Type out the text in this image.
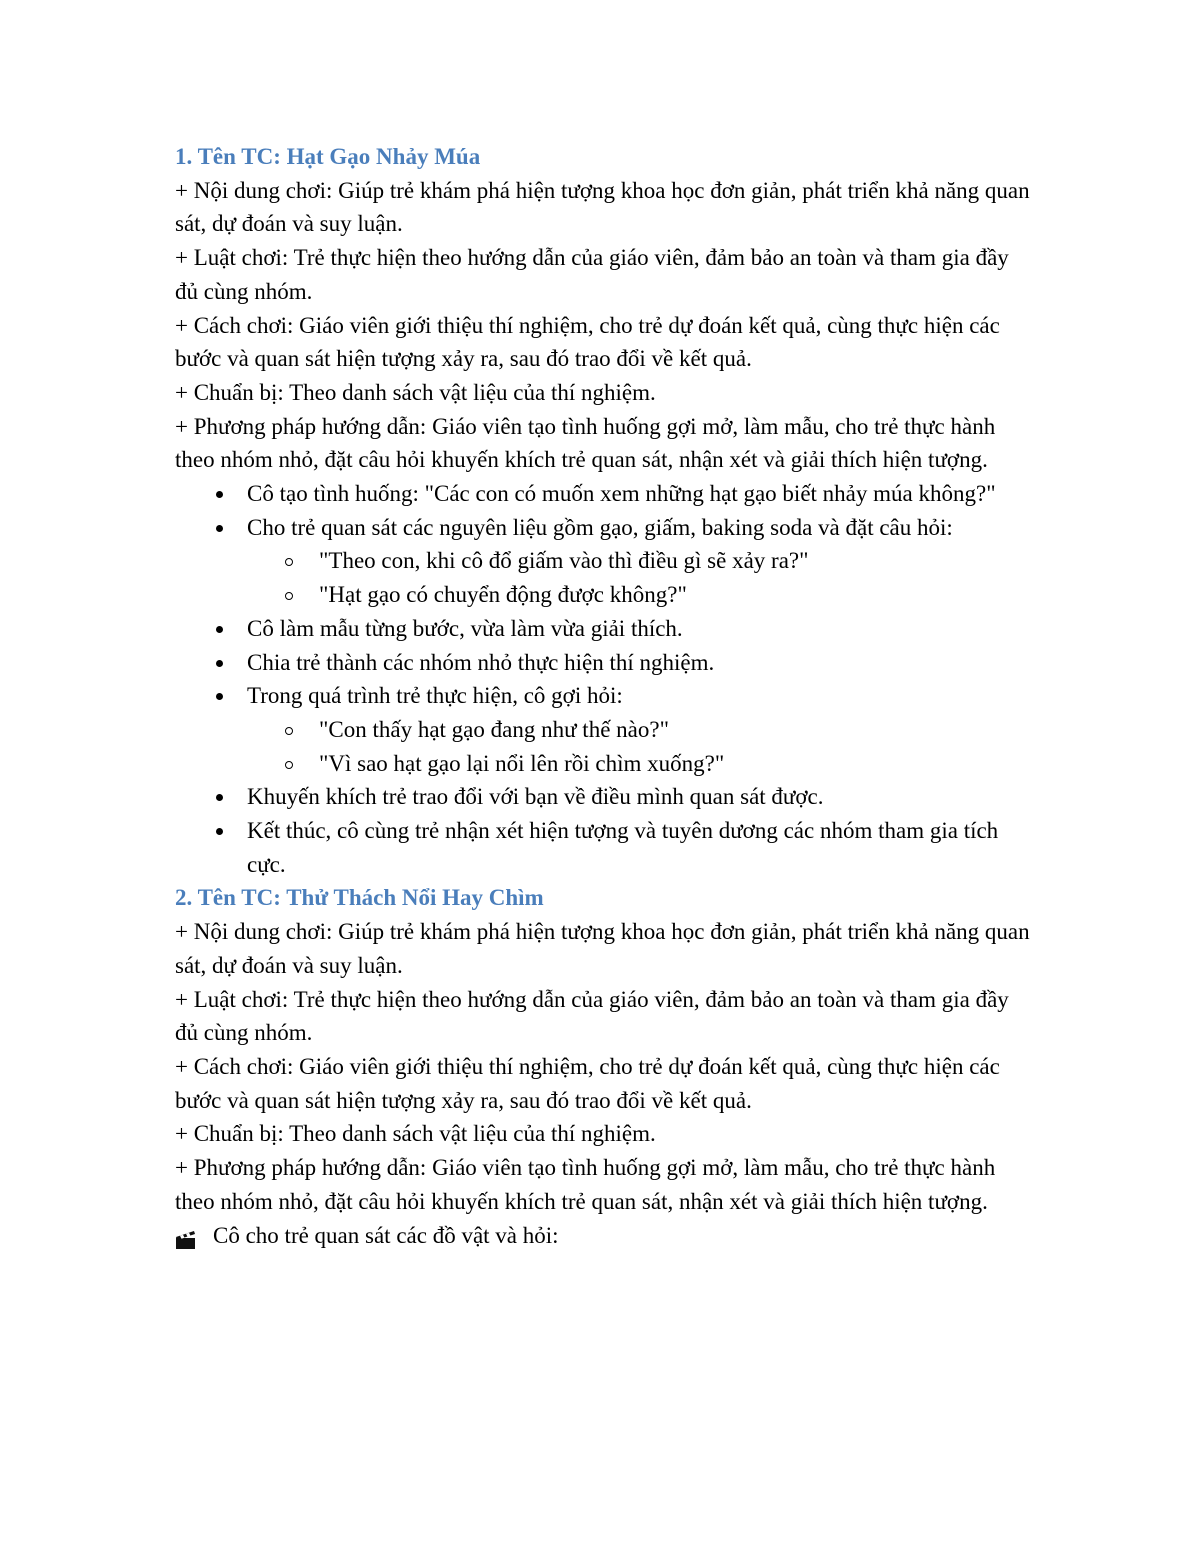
1. Tên TC: Hạt Gạo Nhảy Múa

+ Nội dung chơi: Giúp trẻ khám phá hiện tượng khoa học đơn giản, phát triển khả năng quan sát, dự đoán và suy luận.

+ Luật chơi: Trẻ thực hiện theo hướng dẫn của giáo viên, đảm bảo an toàn và tham gia đầy đủ cùng nhóm.

+ Cách chơi: Giáo viên giới thiệu thí nghiệm, cho trẻ dự đoán kết quả, cùng thực hiện các bước và quan sát hiện tượng xảy ra, sau đó trao đổi về kết quả.

+ Chuẩn bị: Theo danh sách vật liệu của thí nghiệm.

+ Phương pháp hướng dẫn: Giáo viên tạo tình huống gợi mở, làm mẫu, cho trẻ thực hành theo nhóm nhỏ, đặt câu hỏi khuyến khích trẻ quan sát, nhận xét và giải thích hiện tượng.

Cô tạo tình huống: "Các con có muốn xem những hạt gạo biết nhảy múa không?"
Cho trẻ quan sát các nguyên liệu gồm gạo, giấm, baking soda và đặt câu hỏi:
"Theo con, khi cô đổ giấm vào thì điều gì sẽ xảy ra?"
"Hạt gạo có chuyển động được không?"
Cô làm mẫu từng bước, vừa làm vừa giải thích.
Chia trẻ thành các nhóm nhỏ thực hiện thí nghiệm.
Trong quá trình trẻ thực hiện, cô gợi hỏi:
"Con thấy hạt gạo đang như thế nào?"
"Vì sao hạt gạo lại nổi lên rồi chìm xuống?"
Khuyến khích trẻ trao đổi với bạn về điều mình quan sát được.
Kết thúc, cô cùng trẻ nhận xét hiện tượng và tuyên dương các nhóm tham gia tích cực.

2. Tên TC: Thử Thách Nổi Hay Chìm

+ Nội dung chơi: Giúp trẻ khám phá hiện tượng khoa học đơn giản, phát triển khả năng quan sát, dự đoán và suy luận.

+ Luật chơi: Trẻ thực hiện theo hướng dẫn của giáo viên, đảm bảo an toàn và tham gia đầy đủ cùng nhóm.

+ Cách chơi: Giáo viên giới thiệu thí nghiệm, cho trẻ dự đoán kết quả, cùng thực hiện các bước và quan sát hiện tượng xảy ra, sau đó trao đổi về kết quả.

+ Chuẩn bị: Theo danh sách vật liệu của thí nghiệm.

+ Phương pháp hướng dẫn: Giáo viên tạo tình huống gợi mở, làm mẫu, cho trẻ thực hành theo nhóm nhỏ, đặt câu hỏi khuyến khích trẻ quan sát, nhận xét và giải thích hiện tượng.

Cô cho trẻ quan sát các đồ vật và hỏi:
